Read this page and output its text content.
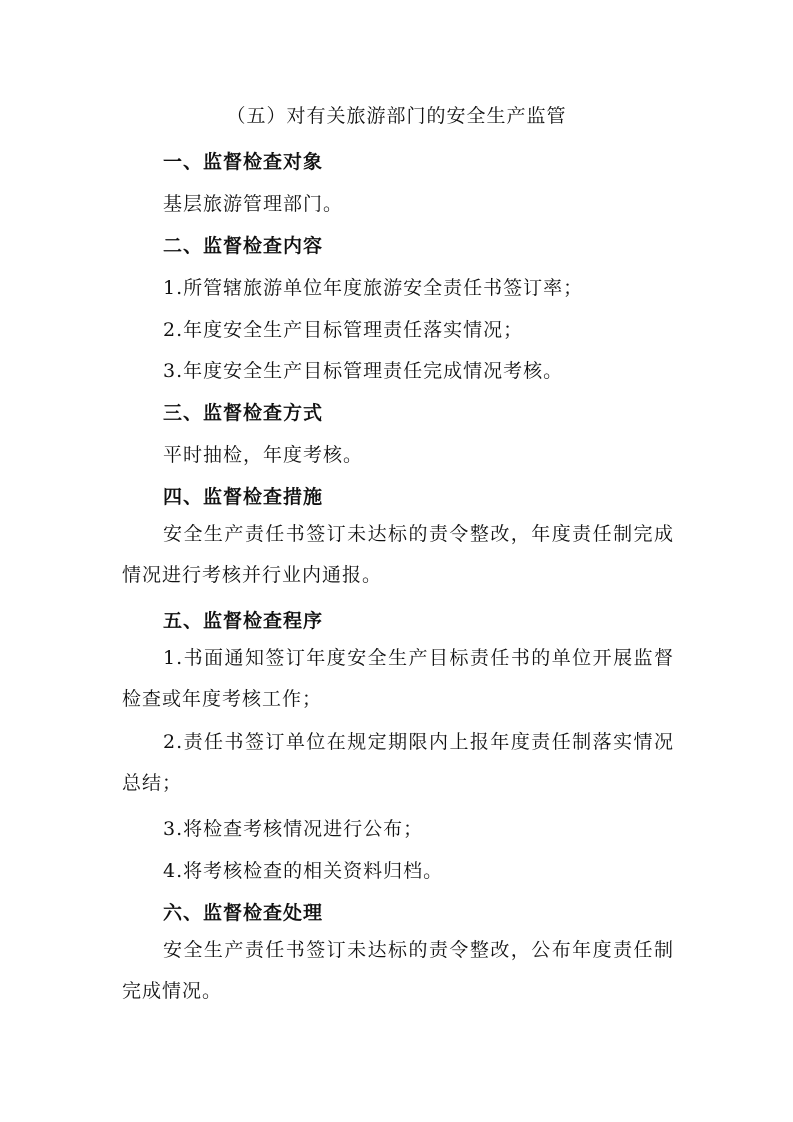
（五）对有关旅游部门的安全生产监管
一、监督检查对象
基层旅游管理部门。
二、监督检查内容
1.所管辖旅游单位年度旅游安全责任书签订率；
2.年度安全生产目标管理责任落实情况；
3.年度安全生产目标管理责任完成情况考核。
三、监督检查方式
平时抽检，年度考核。
四、监督检查措施
安全生产责任书签订未达标的责令整改，年度责任制完成情况进行考核并行业内通报。
五、监督检查程序
1.书面通知签订年度安全生产目标责任书的单位开展监督检查或年度考核工作；
2.责任书签订单位在规定期限内上报年度责任制落实情况总结；
3.将检查考核情况进行公布；
4.将考核检查的相关资料归档。
六、监督检查处理
安全生产责任书签订未达标的责令整改，公布年度责任制完成情况。
